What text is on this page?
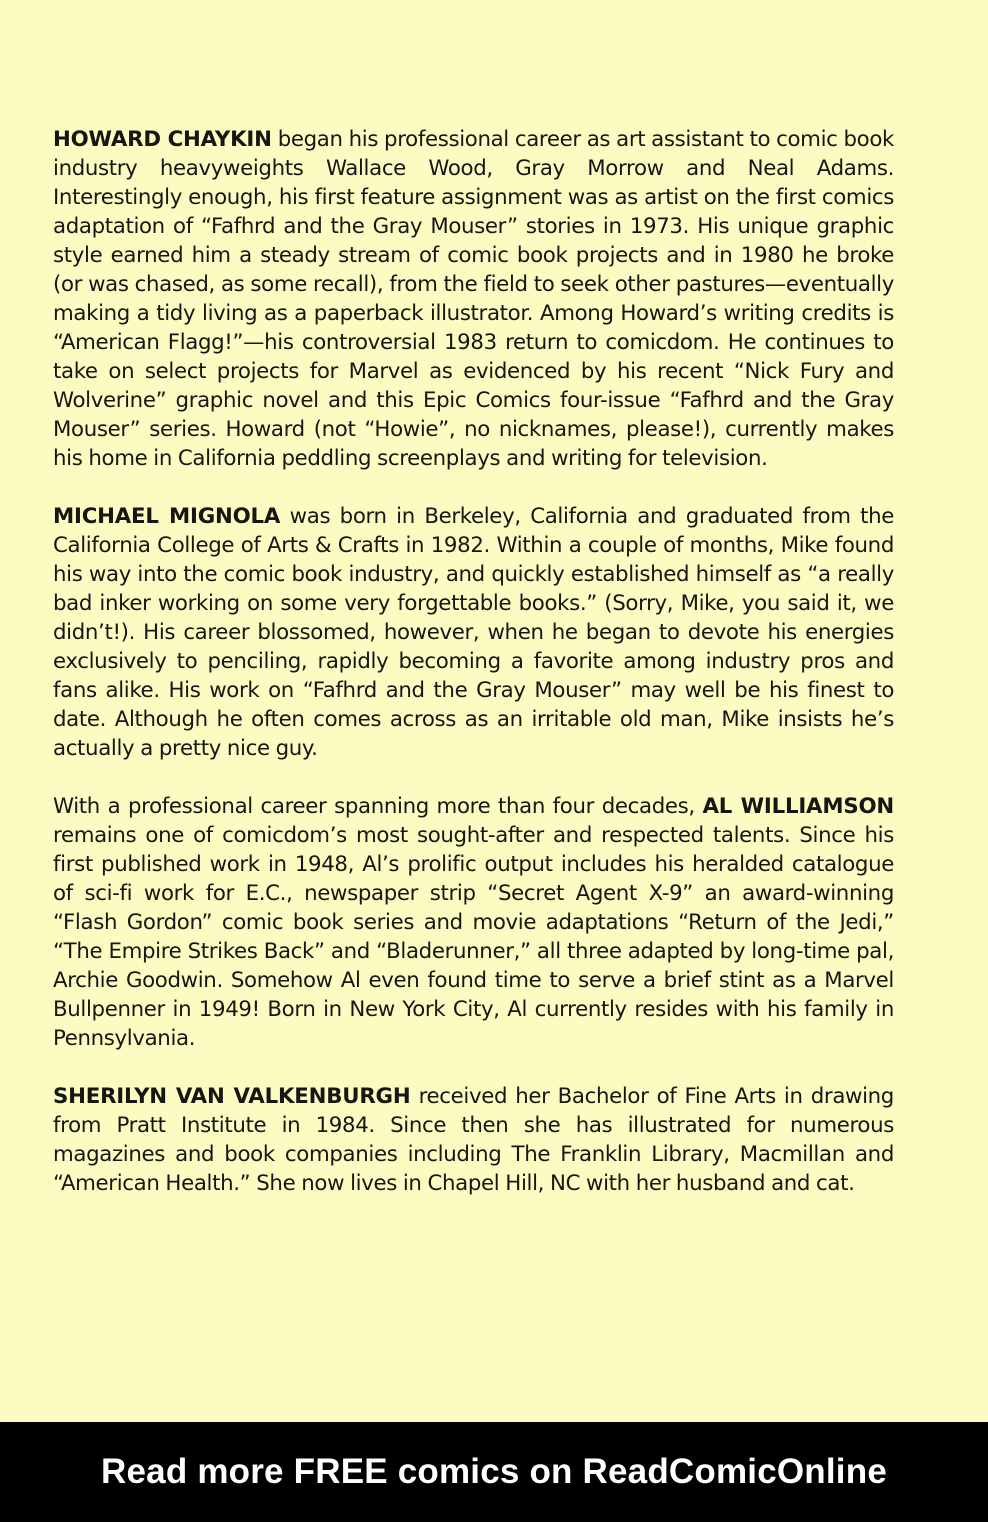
HOWARD CHAYKIN began his professional career as art assistant to comic book industry heavyweights Wallace Wood, Gray Morrow and Neal Adams. Interestingly enough, his first feature assignment was as artist on the first comics adaptation of “Fafhrd and the Gray Mouser” stories in 1973. His unique graphic style earned him a steady stream of comic book projects and in 1980 he broke (or was chased, as some recall), from the field to seek other pastures—eventually making a tidy living as a paperback illustrator. Among Howard’s writing credits is “American Flagg!”—his controversial 1983 return to comicdom. He continues to take on select projects for Marvel as evidenced by his recent “Nick Fury and Wolverine” graphic novel and this Epic Comics four-issue “Fafhrd and the Gray Mouser” series. Howard (not “Howie”, no nicknames, please!), currently makes his home in California peddling screenplays and writing for television.

MICHAEL MIGNOLA was born in Berkeley, California and graduated from the California College of Arts & Crafts in 1982. Within a couple of months, Mike found his way into the comic book industry, and quickly established himself as “a really bad inker working on some very forgettable books.” (Sorry, Mike, you said it, we didn’t!). His career blossomed, however, when he began to devote his energies exclusively to penciling, rapidly becoming a favorite among industry pros and fans alike. His work on “Fafhrd and the Gray Mouser” may well be his finest to date. Although he often comes across as an irritable old man, Mike insists he’s actually a pretty nice guy.

With a professional career spanning more than four decades, AL WILLIAMSON remains one of comicdom’s most sought-after and respected talents. Since his first published work in 1948, Al’s prolific output includes his heralded catalogue of sci-fi work for E.C., newspaper strip “Secret Agent X-9” an award-winning “Flash Gordon” comic book series and movie adaptations “Return of the Jedi,” “The Empire Strikes Back” and “Bladerunner,” all three adapted by long-time pal, Archie Goodwin. Somehow Al even found time to serve a brief stint as a Marvel Bullpenner in 1949! Born in New York City, Al currently resides with his family in Pennsylvania.

SHERILYN VAN VALKENBURGH received her Bachelor of Fine Arts in drawing from Pratt Institute in 1984. Since then she has illustrated for numerous magazines and book companies including The Franklin Library, Macmillan and “American Health.” She now lives in Chapel Hill, NC with her husband and cat.

Read more FREE comics on ReadComicOnline
